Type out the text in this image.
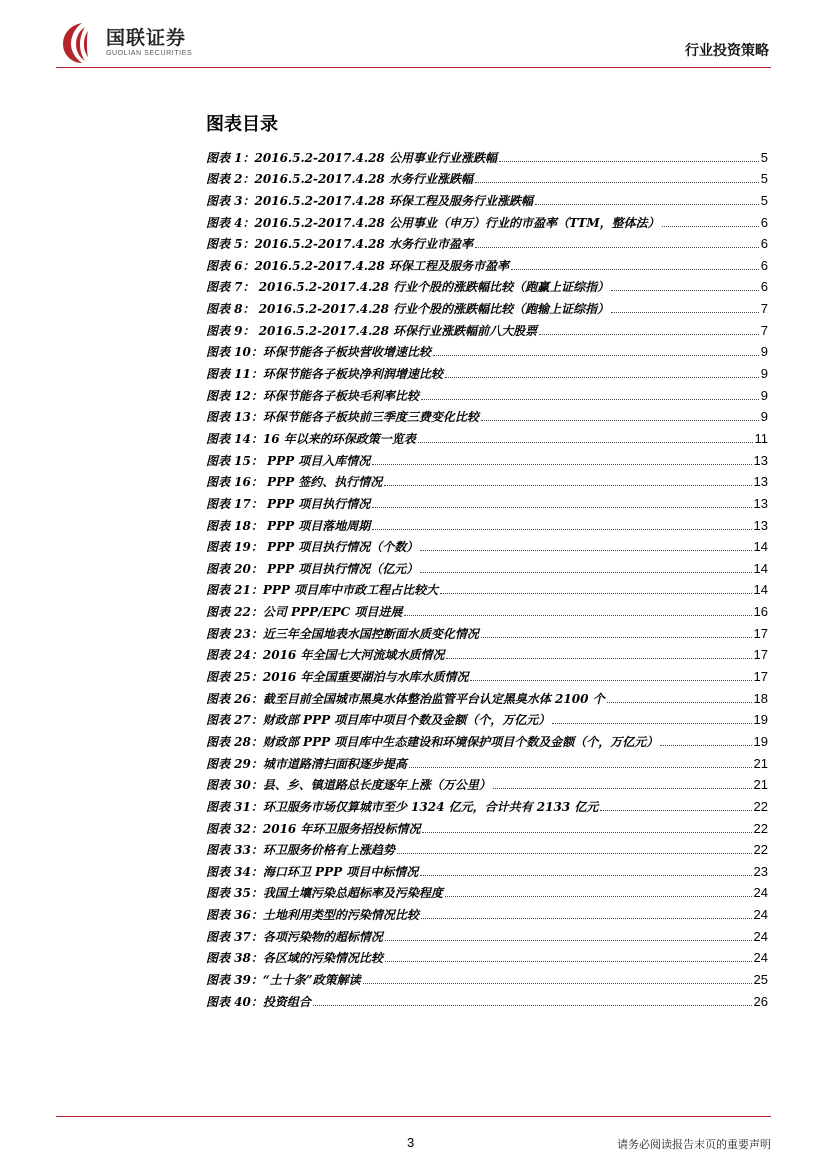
国联证券
GUOLIAN SECURITIES	行业投资策略
图表目录
图表 1：2016.5.2-2017.4.28 公用事业行业涨跌幅	5
图表 2：2016.5.2-2017.4.28 水务行业涨跌幅	5
图表 3：2016.5.2-2017.4.28 环保工程及服务行业涨跌幅	5
图表 4：2016.5.2-2017.4.28 公用事业（申万）行业的市盈率（TTM，整体法）	6
图表 5：2016.5.2-2017.4.28 水务行业市盈率	6
图表 6：2016.5.2-2017.4.28 环保工程及服务市盈率	6
图表 7： 2016.5.2-2017.4.28 行业个股的涨跌幅比较（跑赢上证综指）	6
图表 8： 2016.5.2-2017.4.28 行业个股的涨跌幅比较（跑输上证综指）	7
图表 9： 2016.5.2-2017.4.28 环保行业涨跌幅前八大股票	7
图表 10：环保节能各子板块营收增速比较	9
图表 11：环保节能各子板块净利润增速比较	9
图表 12：环保节能各子板块毛利率比较	9
图表 13：环保节能各子板块前三季度三费变化比较	9
图表 14：16 年以来的环保政策一览表	11
图表 15： PPP 项目入库情况	13
图表 16： PPP 签约、执行情况	13
图表 17： PPP 项目执行情况	13
图表 18： PPP 项目落地周期	13
图表 19： PPP 项目执行情况（个数）	14
图表 20： PPP 项目执行情况（亿元）	14
图表 21：PPP 项目库中市政工程占比较大	14
图表 22：公司 PPP/EPC 项目进展	16
图表 23：近三年全国地表水国控断面水质变化情况	17
图表 24：2016 年全国七大河流域水质情况	17
图表 25：2016 年全国重要湖泊与水库水质情况	17
图表 26：截至目前全国城市黑臭水体整治监管平台认定黑臭水体 2100 个	18
图表 27：财政部 PPP 项目库中项目个数及金额（个，万亿元）	19
图表 28：财政部 PPP 项目库中生态建设和环境保护项目个数及金额（个，万亿元）	19
图表 29：城市道路清扫面积逐步提高	21
图表 30：县、乡、镇道路总长度逐年上涨（万公里）	21
图表 31：环卫服务市场仅算城市至少 1324 亿元，合计共有 2133 亿元	22
图表 32：2016 年环卫服务招投标情况	22
图表 33：环卫服务价格有上涨趋势	22
图表 34：海口环卫 PPP 项目中标情况	23
图表 35：我国土壤污染总超标率及污染程度	24
图表 36：土地利用类型的污染情况比较	24
图表 37：各项污染物的超标情况	24
图表 38：各区域的污染情况比较	24
图表 39：“土十条”政策解读	25
图表 40：投资组合	26
3	请务必阅读报告末页的重要声明
